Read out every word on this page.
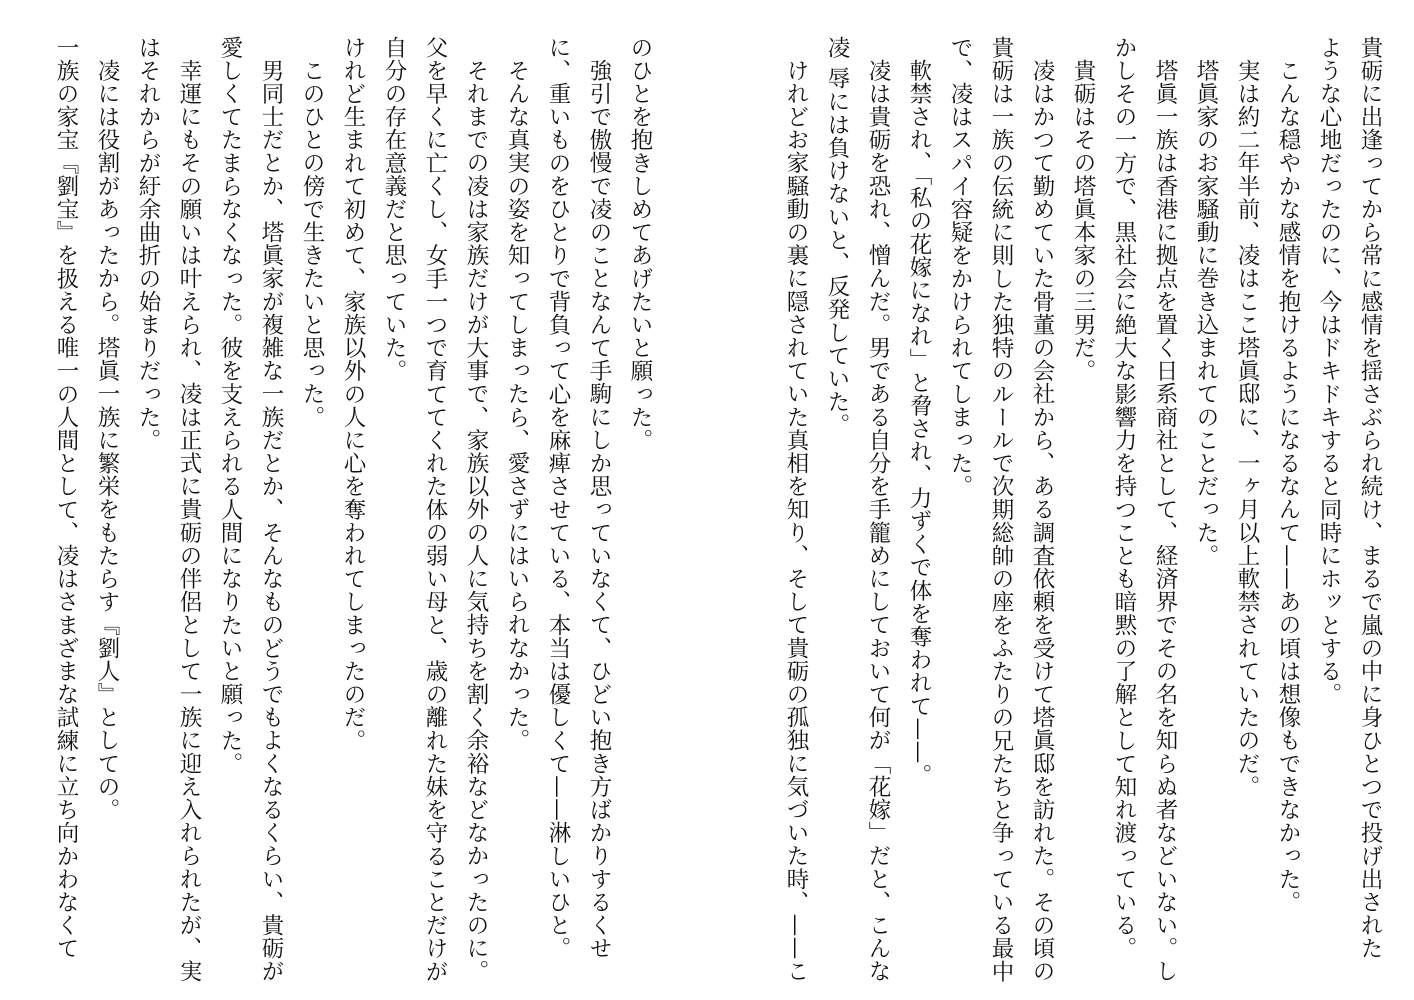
貴砺に出逢ってから常に感情を揺さぶられ続け、まるで嵐の中に身ひとつで投げ出された
ような心地だったのに、今はドキドキすると同時にホッとする。
こんな穏やかな感情を抱けるようになるなんて——あの頃は想像もできなかった。
実は約二年半前、凌はここ塔眞邸に、一ヶ月以上軟禁されていたのだ。
塔眞家のお家騒動に巻き込まれてのことだった。
塔眞一族は香港に拠点を置く日系商社として、経済界でその名を知らぬ者などいない。し
かしその一方で、黒社会に絶大な影響力を持つことも暗黙の了解として知れ渡っている。
貴砺はその塔眞本家の三男だ。
凌はかつて勤めていた骨董の会社から、ある調査依頼を受けて塔眞邸を訪れた。その頃の
貴砺は一族の伝統に則した独特のルールで次期総帥の座をふたりの兄たちと争っている最中
で、凌はスパイ容疑をかけられてしまった。
軟禁され、「私の花嫁になれ」と脅され、力ずくで体を奪われて——。
凌は貴砺を恐れ、憎んだ。男である自分を手籠めにしておいて何が「花嫁」だと、こんな
凌 辱には負けないと、反発していた。
けれどお家騒動の裏に隠されていた真相を知り、そして貴砺の孤独に気づいた時、——こ
のひとを抱きしめてあげたいと願った。
強引で傲慢で凌のことなんて手駒にしか思っていなくて、ひどい抱き方ばかりするくせ
に、重いものをひとりで背負って心を麻痺させている、本当は優しくて——淋しいひと。
そんな真実の姿を知ってしまったら、愛さずにはいられなかった。
それまでの凌は家族だけが大事で、家族以外の人に気持ちを割く余裕などなかったのに。
父を早くに亡くし、女手一つで育ててくれた体の弱い母と、歳の離れた妹を守ることだけが
自分の存在意義だと思っていた。
けれど生まれて初めて、家族以外の人に心を奪われてしまったのだ。
このひとの傍で生きたいと思った。
男同士だとか、塔眞家が複雑な一族だとか、そんなものどうでもよくなるくらい、貴砺が
愛しくてたまらなくなった。彼を支えられる人間になりたいと願った。
幸運にもその願いは叶えられ、凌は正式に貴砺の伴侶として一族に迎え入れられたが、実
はそれからが紆余曲折の始まりだった。
凌には役割があったから。塔眞一族に繁栄をもたらす『劉人』としての。
一族の家宝『劉宝』を扱える唯一の人間として、凌はさまざまな試練に立ち向かわなくて
